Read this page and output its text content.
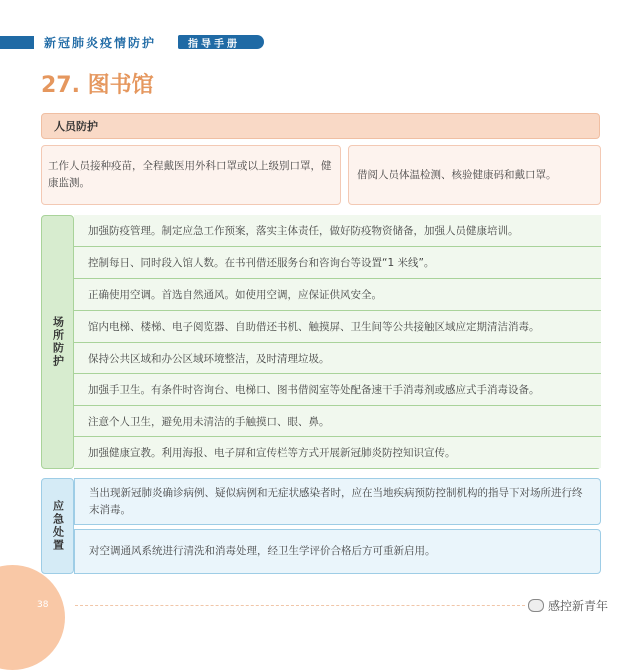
新冠肺炎疫情防护	指导手册
27. 图书馆
人员防护
工作人员接种疫苗，全程戴医用外科口罩或以上级别口罩，健康监测。
借阅人员体温检测、核验健康码和戴口罩。
场所防护
加强防疫管理。制定应急工作预案，落实主体责任，做好防疫物资储备，加强人员健康培训。
控制每日、同时段入馆人数。在书刊借还服务台和咨询台等设置“1 米线”。
正确使用空调。首选自然通风。如使用空调，应保证供风安全。
馆内电梯、楼梯、电子阅览器、自助借还书机、触摸屏、卫生间等公共接触区域应定期清洁消毒。
保持公共区域和办公区域环境整洁，及时清理垃圾。
加强手卫生。有条件时咨询台、电梯口、图书借阅室等处配备速干手消毒剂或感应式手消毒设备。
注意个人卫生，避免用未清洁的手触摸口、眼、鼻。
加强健康宣教。利用海报、电子屏和宣传栏等方式开展新冠肺炎防控知识宣传。
应急处置
当出现新冠肺炎确诊病例、疑似病例和无症状感染者时，应在当地疾病预防控制机构的指导下对场所进行终末消毒。
对空调通风系统进行清洗和消毒处理，经卫生学评价合格后方可重新启用。
38	感控新青年
